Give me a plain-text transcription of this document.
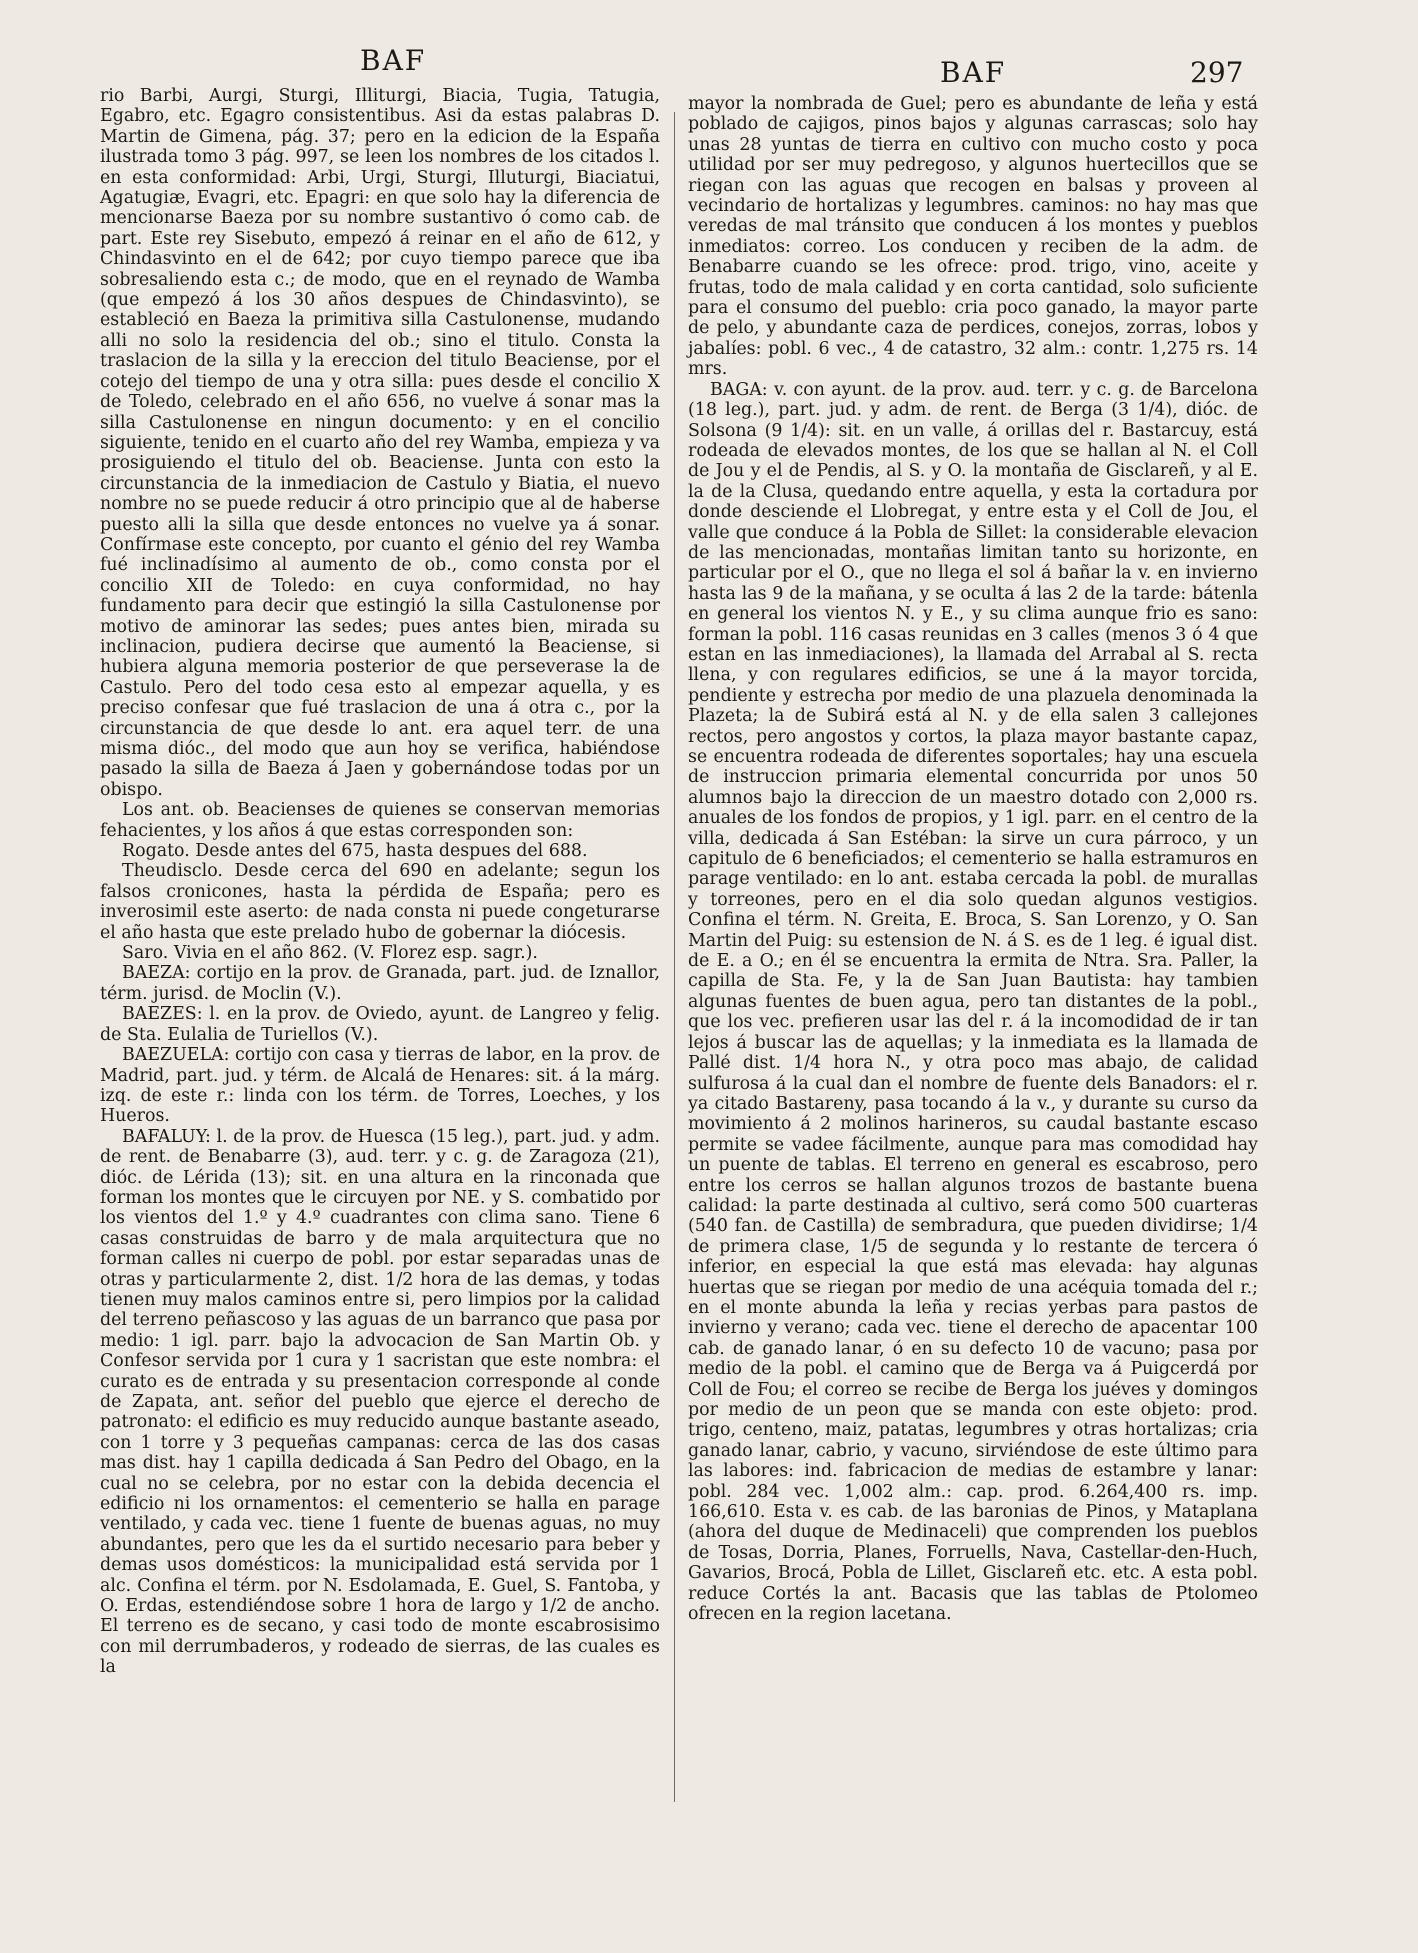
BAF	BAF	297

rio Barbi, Aurgi, Sturgi, Illiturgi, Biacia, Tugia, Tatugia, Egabro, etc. Egagro consistentibus. Asi da estas palabras D. Martin de Gimena, pág. 37; pero en la edicion de la España ilustrada tomo 3 pág. 997, se leen los nombres de los citados l. en esta conformidad: Arbi, Urgi, Sturgi, Illuturgi, Biaciatui, Agatugiæ, Evagri, etc. Epagri: en que solo hay la diferencia de mencionarse Baeza por su nombre sustantivo ó como cab. de part. Este rey Sisebuto, empezó á reinar en el año de 612, y Chindasvinto en el de 642; por cuyo tiempo parece que iba sobresaliendo esta c.; de modo, que en el reynado de Wamba (que empezó á los 30 años despues de Chindasvinto), se estableció en Baeza la primitiva silla Castulonense, mudando alli no solo la residencia del ob.; sino el titulo. Consta la traslacion de la silla y la ereccion del titulo Beaciense, por el cotejo del tiempo de una y otra silla: pues desde el concilio X de Toledo, celebrado en el año 656, no vuelve á sonar mas la silla Castulonense en ningun documento: y en el concilio siguiente, tenido en el cuarto año del rey Wamba, empieza y va prosiguiendo el titulo del ob. Beaciense. Junta con esto la circunstancia de la inmediacion de Castulo y Biatia, el nuevo nombre no se puede reducir á otro principio que al de haberse puesto alli la silla que desde entonces no vuelve ya á sonar. Confírmase este concepto, por cuanto el génio del rey Wamba fué inclinadísimo al aumento de ob., como consta por el concilio XII de Toledo: en cuya conformidad, no hay fundamento para decir que estingió la silla Castulonense por motivo de aminorar las sedes; pues antes bien, mirada su inclinacion, pudiera decirse que aumentó la Beaciense, si hubiera alguna memoria posterior de que perseverase la de Castulo. Pero del todo cesa esto al empezar aquella, y es preciso confesar que fué traslacion de una á otra c., por la circunstancia de que desde lo ant. era aquel terr. de una misma dióc., del modo que aun hoy se verifica, habiéndose pasado la silla de Baeza á Jaen y gobernándose todas por un obispo.

Los ant. ob. Beacienses de quienes se conservan memorias fehacientes, y los años á que estas corresponden son:

Rogato. Desde antes del 675, hasta despues del 688.

Theudisclo. Desde cerca del 690 en adelante; segun los falsos cronicones, hasta la pérdida de España; pero es inverosimil este aserto: de nada consta ni puede congeturarse el año hasta que este prelado hubo de gobernar la diócesis.

Saro. Vivia en el año 862. (V. Florez esp. sagr.).

BAEZA: cortijo en la prov. de Granada, part. jud. de Iznallor, térm. jurisd. de Moclin (V.).

BAEZES: l. en la prov. de Oviedo, ayunt. de Langreo y felig. de Sta. Eulalia de Turiellos (V.).

BAEZUELA: cortijo con casa y tierras de labor, en la prov. de Madrid, part. jud. y térm. de Alcalá de Henares: sit. á la márg. izq. de este r.: linda con los térm. de Torres, Loeches, y los Hueros.

BAFALUY: l. de la prov. de Huesca (15 leg.), part. jud. y adm. de rent. de Benabarre (3), aud. terr. y c. g. de Zaragoza (21), dióc. de Lérida (13); sit. en una altura en la rinconada que forman los montes que le circuyen por NE. y S. combatido por los vientos del 1.º y 4.º cuadrantes con clima sano. Tiene 6 casas construidas de barro y de mala arquitectura que no forman calles ni cuerpo de pobl. por estar separadas unas de otras y particularmente 2, dist. 1/2 hora de las demas, y todas tienen muy malos caminos entre si, pero limpios por la calidad del terreno peñascoso y las aguas de un barranco que pasa por medio: 1 igl. parr. bajo la advocacion de San Martin Ob. y Confesor servida por 1 cura y 1 sacristan que este nombra: el curato es de entrada y su presentacion corresponde al conde de Zapata, ant. señor del pueblo que ejerce el derecho de patronato: el edificio es muy reducido aunque bastante aseado, con 1 torre y 3 pequeñas campanas: cerca de las dos casas mas dist. hay 1 capilla dedicada á San Pedro del Obago, en la cual no se celebra, por no estar con la debida decencia el edificio ni los ornamentos: el cementerio se halla en parage ventilado, y cada vec. tiene 1 fuente de buenas aguas, no muy abundantes, pero que les da el surtido necesario para beber y demas usos domésticos: la municipalidad está servida por 1 alc. Confina el térm. por N. Esdolamada, E. Guel, S. Fantoba, y O. Erdas, estendiéndose sobre 1 hora de largo y 1/2 de ancho. El terreno es de secano, y casi todo de monte escabrosisimo con mil derrumbaderos, y rodeado de sierras, de las cuales es la

mayor la nombrada de Guel; pero es abundante de leña y está poblado de cajigos, pinos bajos y algunas carrascas; solo hay unas 28 yuntas de tierra en cultivo con mucho costo y poca utilidad por ser muy pedregoso, y algunos huertecillos que se riegan con las aguas que recogen en balsas y proveen al vecindario de hortalizas y legumbres. caminos: no hay mas que veredas de mal tránsito que conducen á los montes y pueblos inmediatos: correo. Los conducen y reciben de la adm. de Benabarre cuando se les ofrece: prod. trigo, vino, aceite y frutas, todo de mala calidad y en corta cantidad, solo suficiente para el consumo del pueblo: cria poco ganado, la mayor parte de pelo, y abundante caza de perdices, conejos, zorras, lobos y jabalíes: pobl. 6 vec., 4 de catastro, 32 alm.: contr. 1,275 rs. 14 mrs.

BAGA: v. con ayunt. de la prov. aud. terr. y c. g. de Barcelona (18 leg.), part. jud. y adm. de rent. de Berga (3 1/4), dióc. de Solsona (9 1/4): sit. en un valle, á orillas del r. Bastarcuy, está rodeada de elevados montes, de los que se hallan al N. el Coll de Jou y el de Pendis, al S. y O. la montaña de Gisclareñ, y al E. la de la Clusa, quedando entre aquella, y esta la cortadura por donde desciende el Llobregat, y entre esta y el Coll de Jou, el valle que conduce á la Pobla de Sillet: la considerable elevacion de las mencionadas, montañas limitan tanto su horizonte, en particular por el O., que no llega el sol á bañar la v. en invierno hasta las 9 de la mañana, y se oculta á las 2 de la tarde: bátenla en general los vientos N. y E., y su clima aunque frio es sano: forman la pobl. 116 casas reunidas en 3 calles (menos 3 ó 4 que estan en las inmediaciones), la llamada del Arrabal al S. recta llena, y con regulares edificios, se une á la mayor torcida, pendiente y estrecha por medio de una plazuela denominada la Plazeta; la de Subirá está al N. y de ella salen 3 callejones rectos, pero angostos y cortos, la plaza mayor bastante capaz, se encuentra rodeada de diferentes soportales; hay una escuela de instruccion primaria elemental concurrida por unos 50 alumnos bajo la direccion de un maestro dotado con 2,000 rs. anuales de los fondos de propios, y 1 igl. parr. en el centro de la villa, dedicada á San Estéban: la sirve un cura párroco, y un capitulo de 6 beneficiados; el cementerio se halla estramuros en parage ventilado: en lo ant. estaba cercada la pobl. de murallas y torreones, pero en el dia solo quedan algunos vestigios. Confina el térm. N. Greita, E. Broca, S. San Lorenzo, y O. San Martin del Puig: su estension de N. á S. es de 1 leg. é igual dist. de E. a O.; en él se encuentra la ermita de Ntra. Sra. Paller, la capilla de Sta. Fe, y la de San Juan Bautista: hay tambien algunas fuentes de buen agua, pero tan distantes de la pobl., que los vec. prefieren usar las del r. á la incomodidad de ir tan lejos á buscar las de aquellas; y la inmediata es la llamada de Pallé dist. 1/4 hora N., y otra poco mas abajo, de calidad sulfurosa á la cual dan el nombre de fuente dels Banadors: el r. ya citado Bastareny, pasa tocando á la v., y durante su curso da movimiento á 2 molinos harineros, su caudal bastante escaso permite se vadee fácilmente, aunque para mas comodidad hay un puente de tablas. El terreno en general es escabroso, pero entre los cerros se hallan algunos trozos de bastante buena calidad: la parte destinada al cultivo, será como 500 cuarteras (540 fan. de Castilla) de sembradura, que pueden dividirse; 1/4 de primera clase, 1/5 de segunda y lo restante de tercera ó inferior, en especial la que está mas elevada: hay algunas huertas que se riegan por medio de una acéquia tomada del r.; en el monte abunda la leña y recias yerbas para pastos de invierno y verano; cada vec. tiene el derecho de apacentar 100 cab. de ganado lanar, ó en su defecto 10 de vacuno; pasa por medio de la pobl. el camino que de Berga va á Puigcerdá por Coll de Fou; el correo se recibe de Berga los juéves y domingos por medio de un peon que se manda con este objeto: prod. trigo, centeno, maiz, patatas, legumbres y otras hortalizas; cria ganado lanar, cabrio, y vacuno, sirviéndose de este último para las labores: ind. fabricacion de medias de estambre y lanar: pobl. 284 vec. 1,002 alm.: cap. prod. 6.264,400 rs. imp. 166,610. Esta v. es cab. de las baronias de Pinos, y Mataplana (ahora del duque de Medinaceli) que comprenden los pueblos de Tosas, Dorria, Planes, Forruells, Nava, Castellar-den-Huch, Gavarios, Brocá, Pobla de Lillet, Gisclareñ etc. etc. A esta pobl. reduce Cortés la ant. Bacasis que las tablas de Ptolomeo ofrecen en la region lacetana.
